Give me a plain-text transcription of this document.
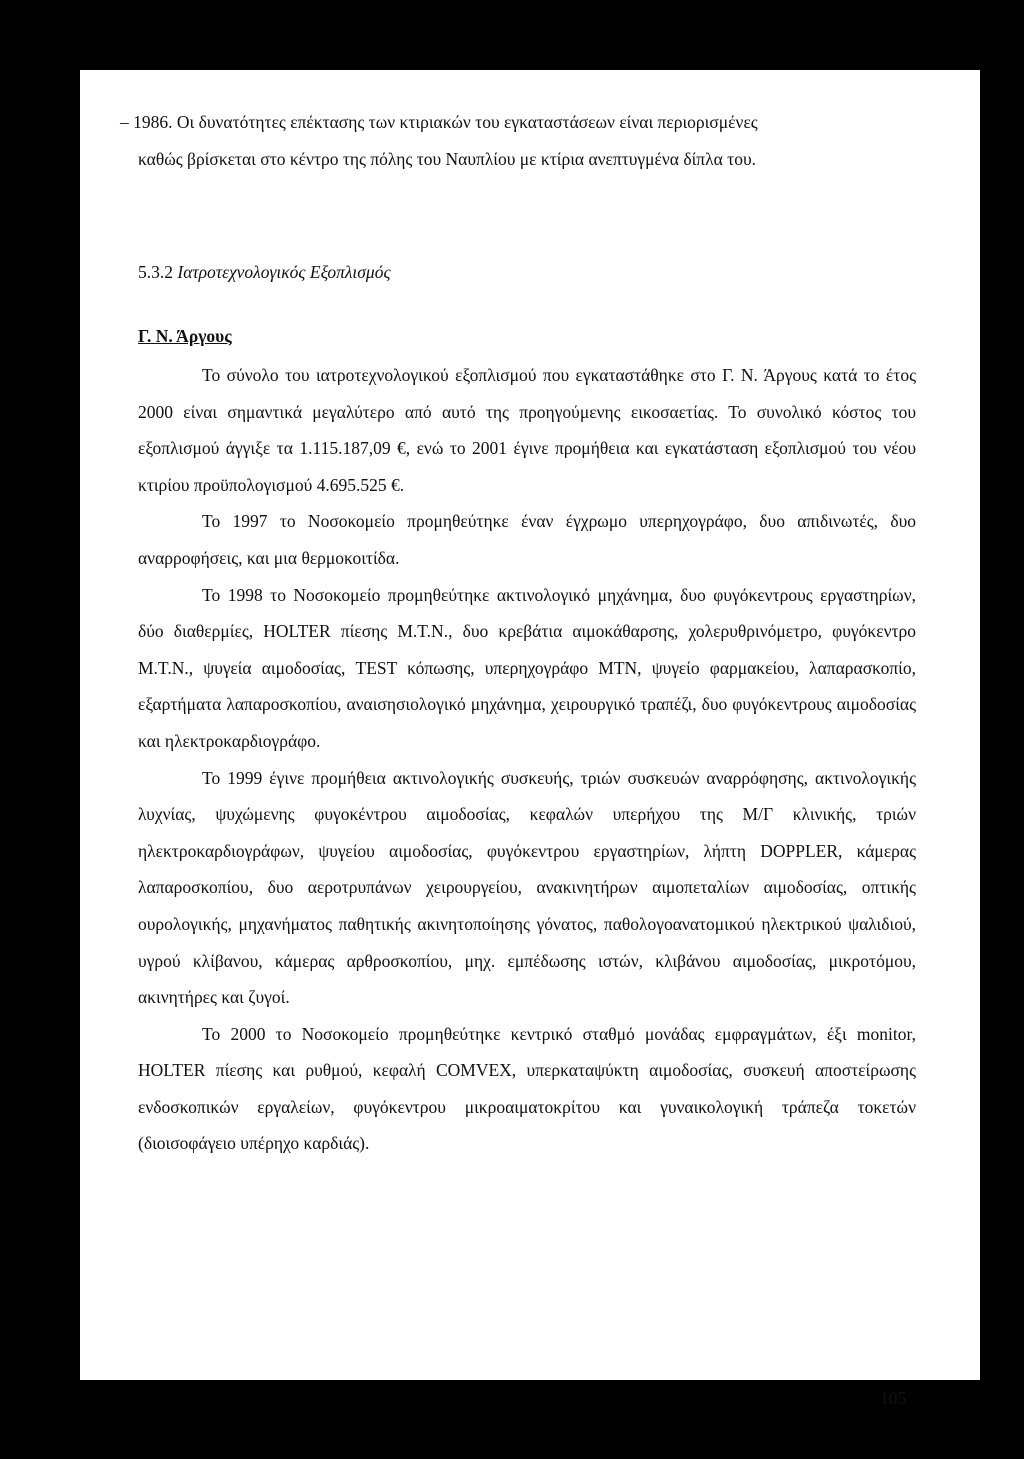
– 1986. Οι δυνατότητες επέκτασης των κτιριακών του εγκαταστάσεων είναι περιορισμένες

καθώς βρίσκεται στο κέντρο της πόλης του Ναυπλίου με κτίρια ανεπτυγμένα δίπλα του.

5.3.2 Ιατροτεχνολογικός Εξοπλισμός
Γ. Ν. Άργους

Το σύνολο του ιατροτεχνολογικού εξοπλισμού που εγκαταστάθηκε στο Γ. Ν. Άργους κατά το έτος 2000 είναι σημαντικά μεγαλύτερο από αυτό της προηγούμενης εικοσαετίας. Το συνολικό κόστος του εξοπλισμού άγγιξε τα 1.115.187,09 €, ενώ το 2001 έγινε προμήθεια και εγκατάσταση εξοπλισμού του νέου κτιρίου προϋπολογισμού 4.695.525 €.

Το 1997 το Νοσοκομείο προμηθεύτηκε έναν έγχρωμο υπερηχογράφο, δυο απιδινωτές, δυο αναρροφήσεις, και μια θερμοκοιτίδα.

Το 1998 το Νοσοκομείο προμηθεύτηκε ακτινολογικό μηχάνημα, δυο φυγόκεντρους εργαστηρίων, δύο διαθερμίες, HOLTER πίεσης Μ.Τ.Ν., δυο κρεβάτια αιμοκάθαρσης, χολερυθρινόμετρο, φυγόκεντρο Μ.Τ.Ν., ψυγεία αιμοδοσίας, TEST κόπωσης, υπερηχογράφο MTN, ψυγείο φαρμακείου, λαπαρασκοπίο, εξαρτήματα λαπαροσκοπίου, αναισησιολογικό μηχάνημα, χειρουργικό τραπέζι, δυο φυγόκεντρους αιμοδοσίας και ηλεκτροκαρδιογράφο.

Το 1999 έγινε προμήθεια ακτινολογικής συσκευής, τριών συσκευών αναρρόφησης, ακτινολογικής λυχνίας, ψυχώμενης φυγοκέντρου αιμοδοσίας, κεφαλών υπερήχου της Μ/Γ κλινικής, τριών ηλεκτροκαρδιογράφων, ψυγείου αιμοδοσίας, φυγόκεντρου εργαστηρίων, λήπτη DOPPLER, κάμερας λαπαροσκοπίου, δυο αεροτρυπάνων χειρουργείου, ανακινητήρων αιμοπεταλίων αιμοδοσίας, οπτικής ουρολογικής, μηχανήματος παθητικής ακινητοποίησης γόνατος, παθολογοανατομικού ηλεκτρικού ψαλιδιού, υγρού κλίβανου, κάμερας αρθροσκοπίου, μηχ. εμπέδωσης ιστών, κλιβάνου αιμοδοσίας, μικροτόμου, ακινητήρες και ζυγοί.

Το 2000 το Νοσοκομείο προμηθεύτηκε κεντρικό σταθμό μονάδας εμφραγμάτων, έξι monitor, HOLTER πίεσης και ρυθμού, κεφαλή COMVEX, υπερκαταψύκτη αιμοδοσίας, συσκευή αποστείρωσης ενδοσκοπικών εργαλείων, φυγόκεντρου μικροαιματοκρίτου και γυναικολογική τράπεζα τοκετών (διοισοφάγειο υπέρηχο καρδιάς).

105
